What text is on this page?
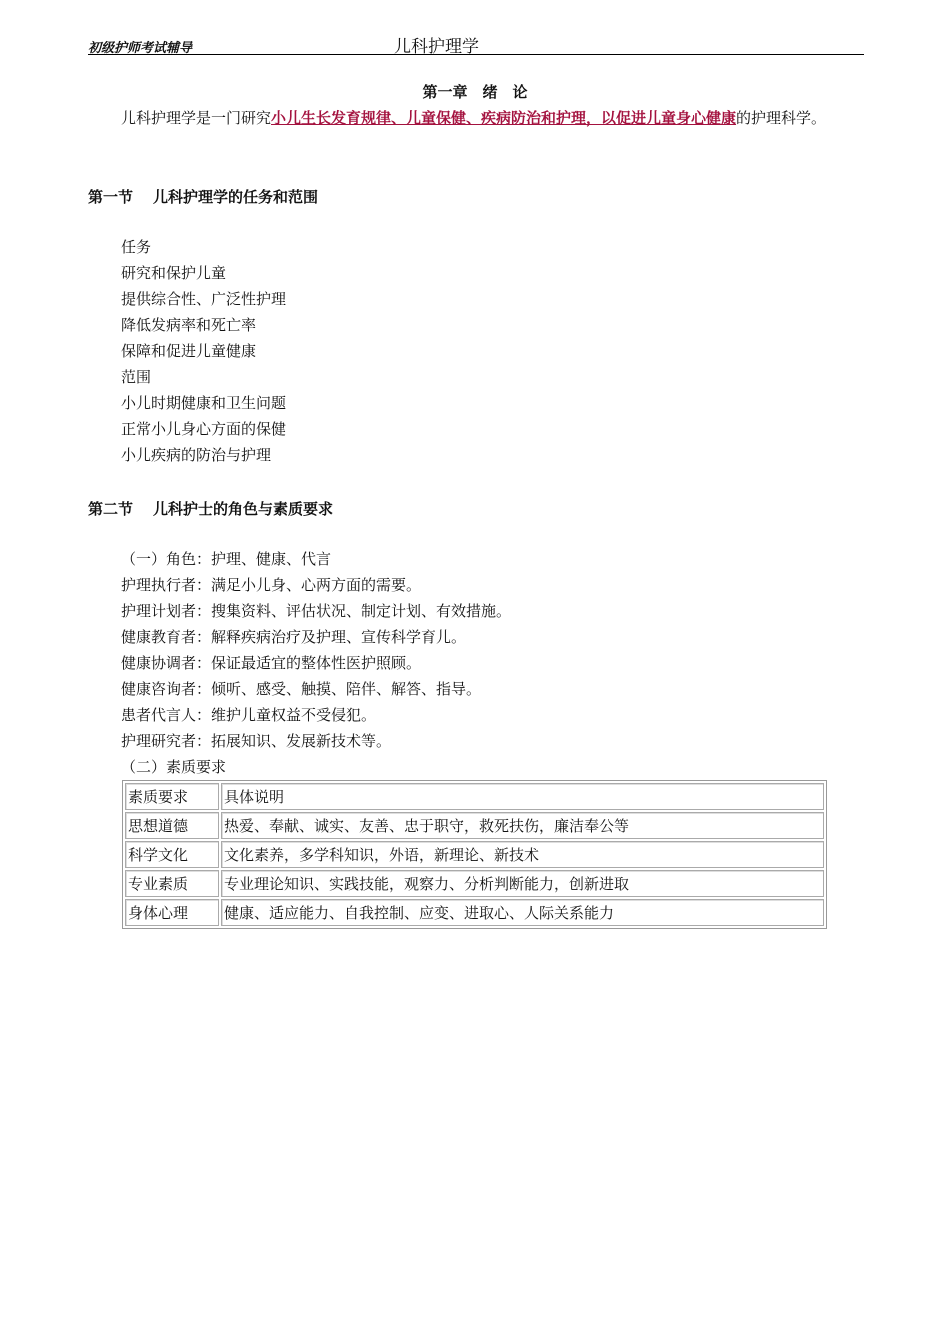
初级护师考试辅导	儿科护理学
第一章　绪　论

儿科护理学是一门研究小儿生长发育规律、儿童保健、疾病防治和护理，以促进儿童身心健康的护理科学。

第一节 儿科护理学的任务和范围
任务
研究和保护儿童
提供综合性、广泛性护理
降低发病率和死亡率
保障和促进儿童健康
范围
小儿时期健康和卫生问题
正常小儿身心方面的保健
小儿疾病的防治与护理
第二节 儿科护士的角色与素质要求
（一）角色：护理、健康、代言
护理执行者：满足小儿身、心两方面的需要。
护理计划者：搜集资料、评估状况、制定计划、有效措施。
健康教育者：解释疾病治疗及护理、宣传科学育儿。
健康协调者：保证最适宜的整体性医护照顾。
健康咨询者：倾听、感受、触摸、陪伴、解答、指导。
患者代言人：维护儿童权益不受侵犯。
护理研究者：拓展知识、发展新技术等。
（二）素质要求
素质要求	具体说明
思想道德	热爱、奉献、诚实、友善、忠于职守，救死扶伤，廉洁奉公等
科学文化	文化素养，多学科知识，外语，新理论、新技术
专业素质	专业理论知识、实践技能，观察力、分析判断能力，创新进取
身体心理	健康、适应能力、自我控制、应变、进取心、人际关系能力
